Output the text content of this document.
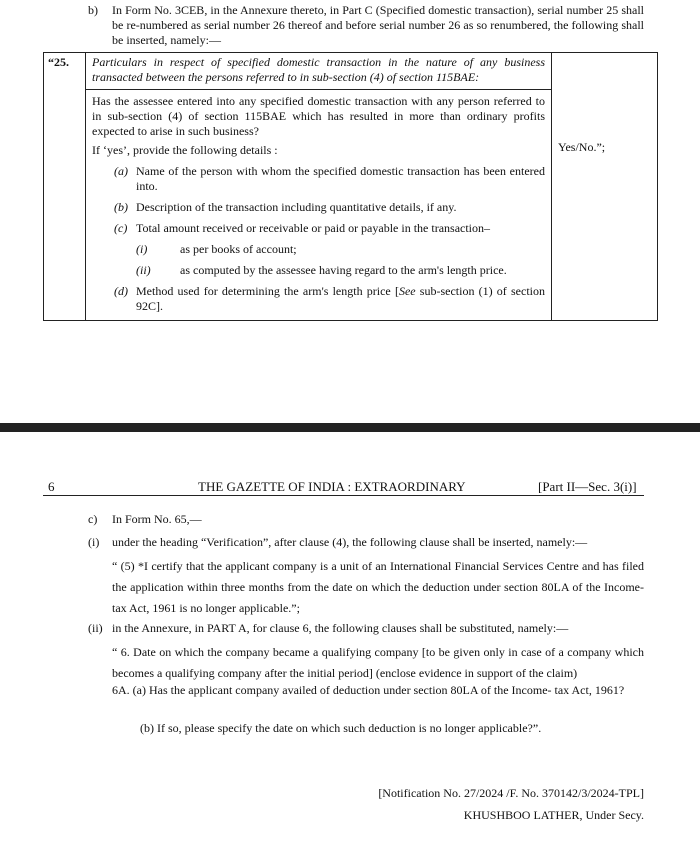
b) In Form No. 3CEB, in the Annexure thereto, in Part C (Specified domestic transaction), serial number 25 shall be re-numbered as serial number 26 thereof and before serial number 26 as so renumbered, the following shall be inserted, namely:—
“25.	Particulars in respect of specified domestic transaction in the nature of any business transacted between the persons referred to in sub-section (4) of section 115BAE:
Has the assessee entered into any specified domestic transaction with any person referred to in sub-section (4) of section 115BAE which has resulted in more than ordinary profits expected to arise in such business?
If ‘yes’, provide the following details :
(a) Name of the person with whom the specified domestic transaction has been entered into.
(b) Description of the transaction including quantitative details, if any.
(c) Total amount received or receivable or paid or payable in the transaction–
(i)	as per books of account;
(ii) as computed by the assessee having regard to the arm's length price.
(d) Method used for determining the arm's length price [See sub-section (1) of section 92C].

Yes/No.”;
6	THE GAZETTE OF INDIA : EXTRAORDINARY	[Part II—Sec. 3(i)]
c) In Form No. 65,—
(i) under the heading “Verification”, after clause (4), the following clause shall be inserted, namely:—
“ (5) *I certify that the applicant company is a unit of an International Financial Services Centre and has filed the application within three months from the date on which the deduction under section 80LA of the Income- tax Act, 1961 is no longer applicable.”;
(ii) in the Annexure, in PART A, for clause 6, the following clauses shall be substituted, namely:—
“ 6. Date on which the company became a qualifying company [to be given only in case of a company which becomes a qualifying company after the initial period] (enclose evidence in support of the claim)
6A. (a) Has the applicant company availed of deduction under section 80LA of the Income- tax Act, 1961?
(b) If so, please specify the date on which such deduction is no longer applicable?”.
[Notification No. 27/2024 /F. No. 370142/3/2024-TPL]
KHUSHBOO LATHER, Under Secy.
